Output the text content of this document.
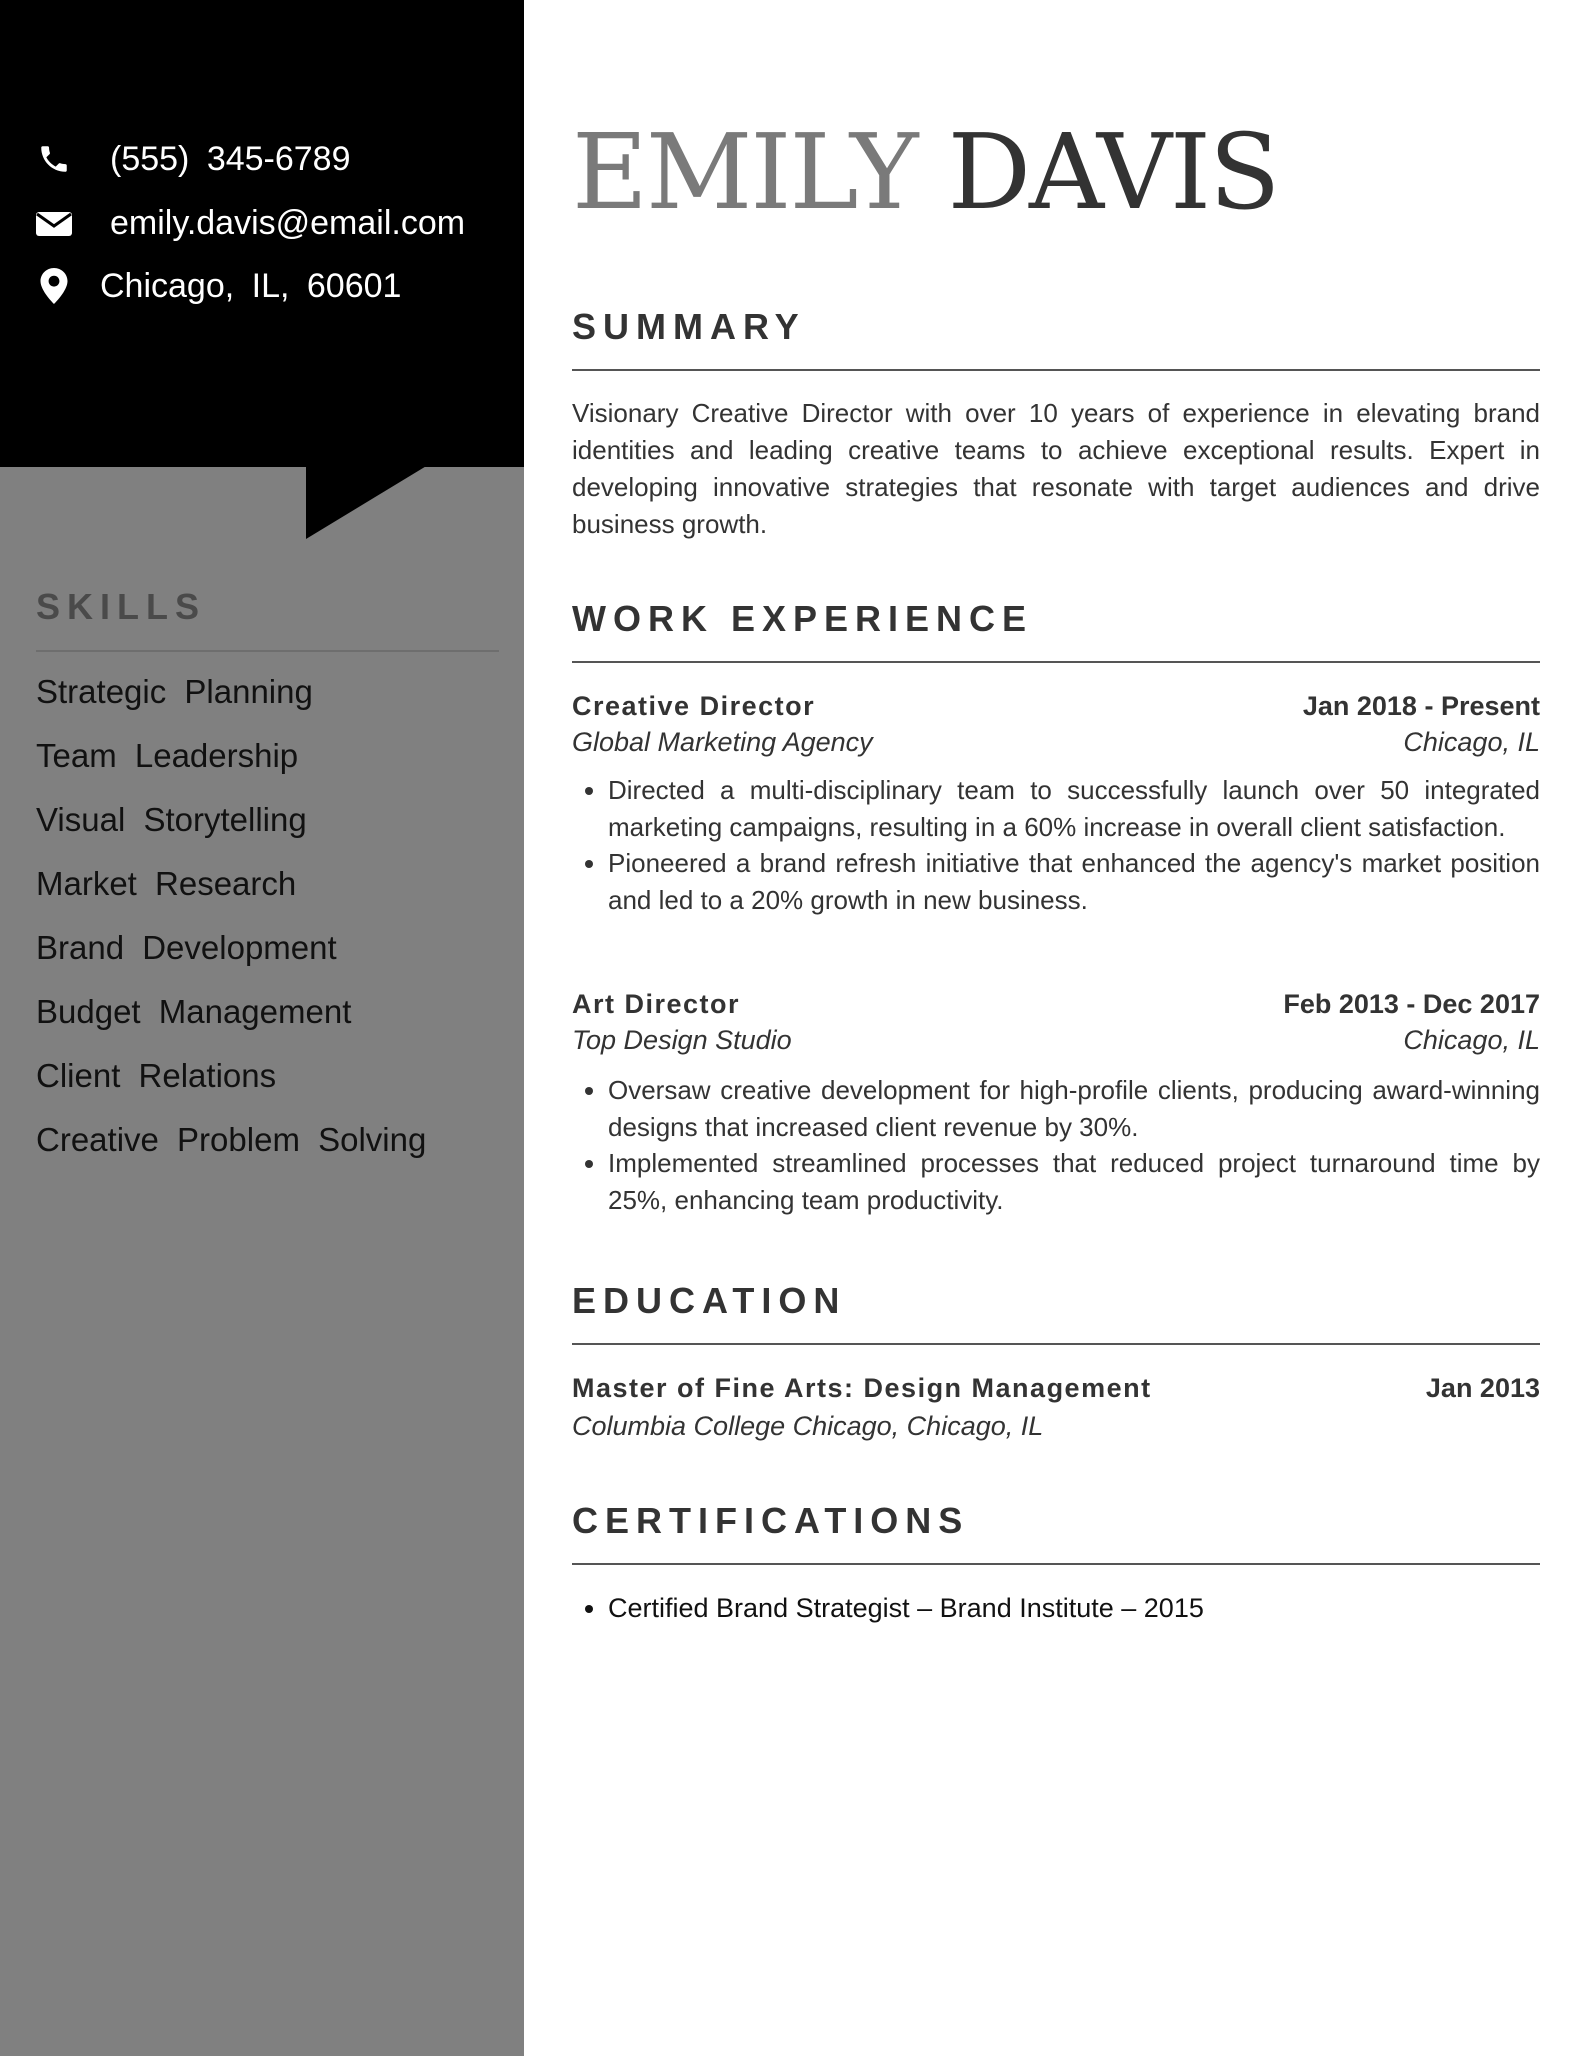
(555) 345-6789
emily.davis@email.com
Chicago, IL, 60601
SKILLS
Strategic Planning
Team Leadership
Visual Storytelling
Market Research
Brand Development
Budget Management
Client Relations
Creative Problem Solving
EMILY DAVIS
SUMMARY

Visionary Creative Director with over 10 years of experience in elevating brand identities and leading creative teams to achieve exceptional results. Expert in developing innovative strategies that resonate with target audiences and drive business growth.

WORK EXPERIENCE
Creative Director	Jan 2018 - Present
Global Marketing Agency	Chicago, IL
• Directed a multi-disciplinary team to successfully launch over 50 integrated marketing campaigns, resulting in a 60% increase in overall client satisfaction.
• Pioneered a brand refresh initiative that enhanced the agency's market position and led to a 20% growth in new business.
Art Director	Feb 2013 - Dec 2017
Top Design Studio	Chicago, IL
• Oversaw creative development for high-profile clients, producing award-winning designs that increased client revenue by 30%.
• Implemented streamlined processes that reduced project turnaround time by 25%, enhancing team productivity.
EDUCATION
Master of Fine Arts: Design Management	Jan 2013
Columbia College Chicago, Chicago, IL
CERTIFICATIONS
• Certified Brand Strategist – Brand Institute – 2015
